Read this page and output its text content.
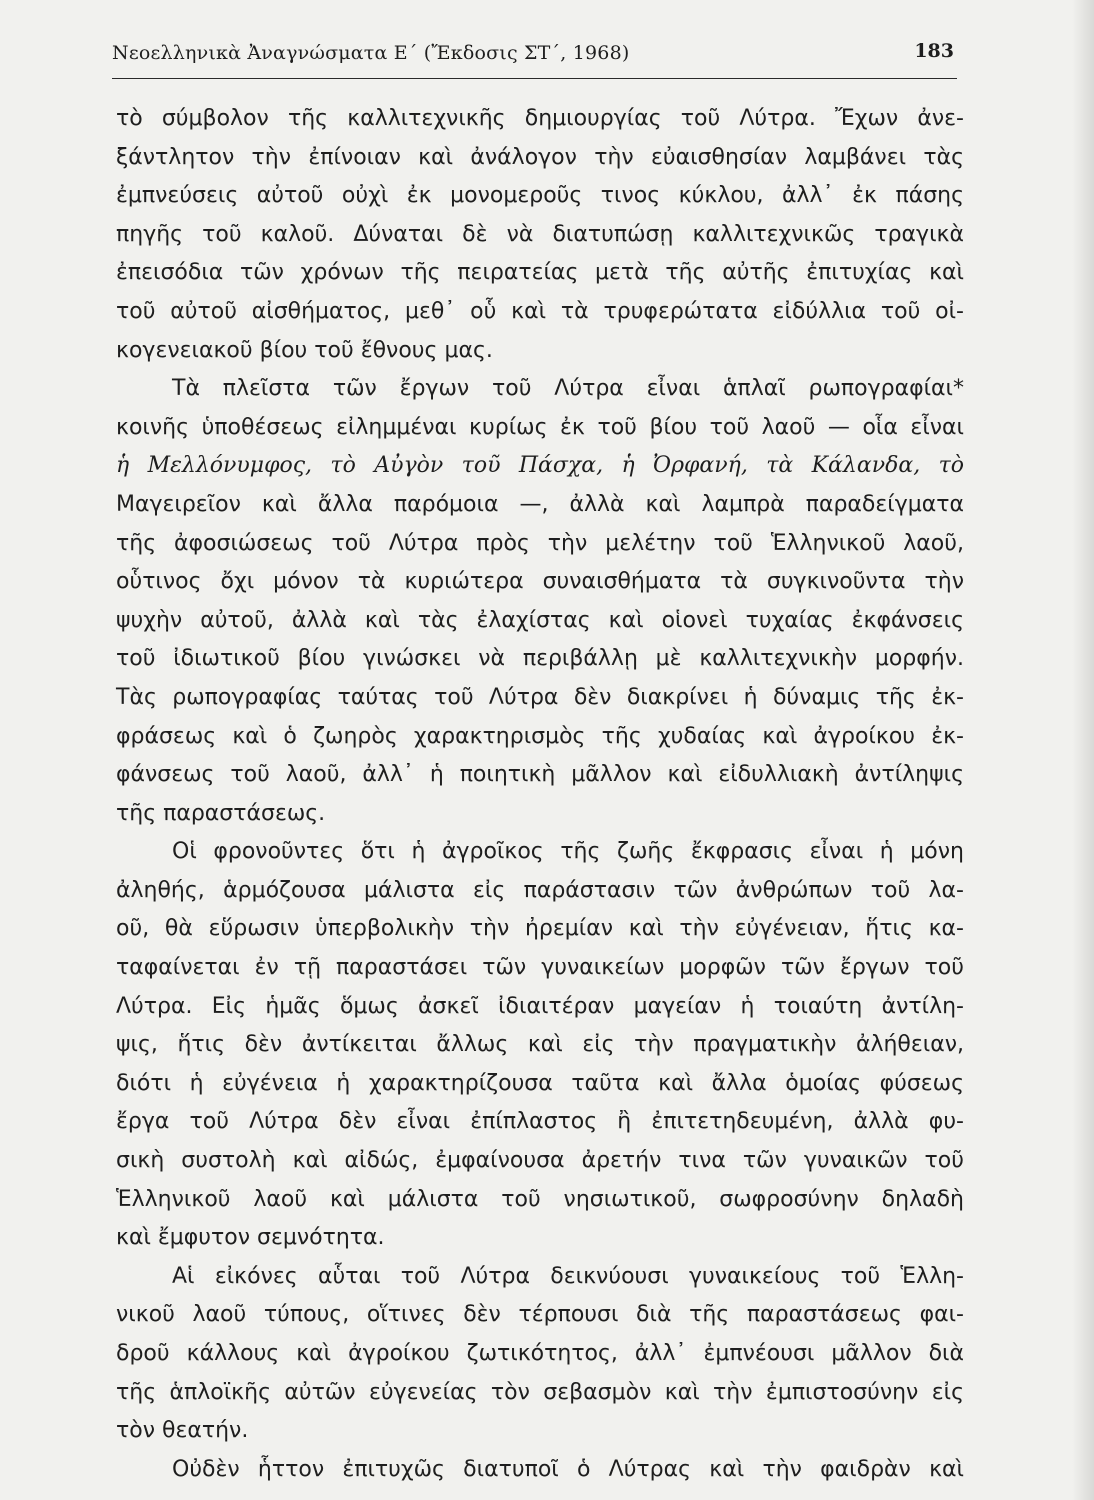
Νεοελληνικὰ Ἀναγνώσματα Ε´ (Ἔκδοσις ΣΤ´, 1968)	183
τὸ σύμβολον τῆς καλλιτεχνικῆς δημιουργίας τοῦ Λύτρα. Ἔχων ἀνε-
ξάντλητον τὴν ἐπίνοιαν καὶ ἀνάλογον τὴν εὐαισθησίαν λαμβάνει τὰς
ἐμπνεύσεις αὐτοῦ οὐχὶ ἐκ μονομεροῦς τινος κύκλου, ἀλλ᾽ ἐκ πάσης
πηγῆς τοῦ καλοῦ. Δύναται δὲ νὰ διατυπώσῃ καλλιτεχνικῶς τραγικὰ
ἐπεισόδια τῶν χρόνων τῆς πειρατείας μετὰ τῆς αὐτῆς ἐπιτυχίας καὶ
τοῦ αὐτοῦ αἰσθήματος, μεθ᾽ οὗ καὶ τὰ τρυφερώτατα εἰδύλλια τοῦ οἰ-
κογενειακοῦ βίου τοῦ ἔθνους μας.
Τὰ πλεῖστα τῶν ἔργων τοῦ Λύτρα εἶναι ἁπλαῖ ρωπογραφίαι*
κοινῆς ὑποθέσεως εἰλημμέναι κυρίως ἐκ τοῦ βίου τοῦ λαοῦ — οἷα εἶναι
ἡ Μελλόνυμφος, τὸ Αὐγὸν τοῦ Πάσχα, ἡ Ὀρφανή, τὰ Κάλανδα, τὸ
Μαγειρεῖον καὶ ἄλλα παρόμοια —, ἀλλὰ καὶ λαμπρὰ παραδείγματα
τῆς ἀφοσιώσεως τοῦ Λύτρα πρὸς τὴν μελέτην τοῦ Ἑλληνικοῦ λαοῦ,
οὗτινος ὄχι μόνον τὰ κυριώτερα συναισθήματα τὰ συγκινοῦντα τὴν
ψυχὴν αὐτοῦ, ἀλλὰ καὶ τὰς ἐλαχίστας καὶ οἱονεὶ τυχαίας ἐκφάνσεις
τοῦ ἰδιωτικοῦ βίου γινώσκει νὰ περιβάλλῃ μὲ καλλιτεχνικὴν μορφήν.
Τὰς ρωπογραφίας ταύτας τοῦ Λύτρα δὲν διακρίνει ἡ δύναμις τῆς ἐκ-
φράσεως καὶ ὁ ζωηρὸς χαρακτηρισμὸς τῆς χυδαίας καὶ ἀγροίκου ἐκ-
φάνσεως τοῦ λαοῦ, ἀλλ᾽ ἡ ποιητικὴ μᾶλλον καὶ εἰδυλλιακὴ ἀντίληψις
τῆς παραστάσεως.
Οἱ φρονοῦντες ὅτι ἡ ἀγροῖκος τῆς ζωῆς ἔκφρασις εἶναι ἡ μόνη
ἀληθής, ἁρμόζουσα μάλιστα εἰς παράστασιν τῶν ἀνθρώπων τοῦ λα-
οῦ, θὰ εὕρωσιν ὑπερβολικὴν τὴν ἠρεμίαν καὶ τὴν εὐγένειαν, ἥτις κα-
ταφαίνεται ἐν τῇ παραστάσει τῶν γυναικείων μορφῶν τῶν ἔργων τοῦ
Λύτρα. Εἰς ἡμᾶς ὅμως ἀσκεῖ ἰδιαιτέραν μαγείαν ἡ τοιαύτη ἀντίλη-
ψις, ἥτις δὲν ἀντίκειται ἄλλως καὶ εἰς τὴν πραγματικὴν ἀλήθειαν,
διότι ἡ εὐγένεια ἡ χαρακτηρίζουσα ταῦτα καὶ ἄλλα ὁμοίας φύσεως
ἔργα τοῦ Λύτρα δὲν εἶναι ἐπίπλαστος ἢ ἐπιτετηδευμένη, ἀλλὰ φυ-
σικὴ συστολὴ καὶ αἰδώς, ἐμφαίνουσα ἀρετήν τινα τῶν γυναικῶν τοῦ
Ἑλληνικοῦ λαοῦ καὶ μάλιστα τοῦ νησιωτικοῦ, σωφροσύνην δηλαδὴ
καὶ ἔμφυτον σεμνότητα.
Αἱ εἰκόνες αὗται τοῦ Λύτρα δεικνύουσι γυναικείους τοῦ Ἑλλη-
νικοῦ λαοῦ τύπους, οἵτινες δὲν τέρπουσι διὰ τῆς παραστάσεως φαι-
δροῦ κάλλους καὶ ἀγροίκου ζωτικότητος, ἀλλ᾽ ἐμπνέουσι μᾶλλον διὰ
τῆς ἁπλοϊκῆς αὐτῶν εὐγενείας τὸν σεβασμὸν καὶ τὴν ἐμπιστοσύνην εἰς
τὸν θεατήν.
Οὐδὲν ἧττον ἐπιτυχῶς διατυποῖ ὁ Λύτρας καὶ τὴν φαιδρὰν καὶ
